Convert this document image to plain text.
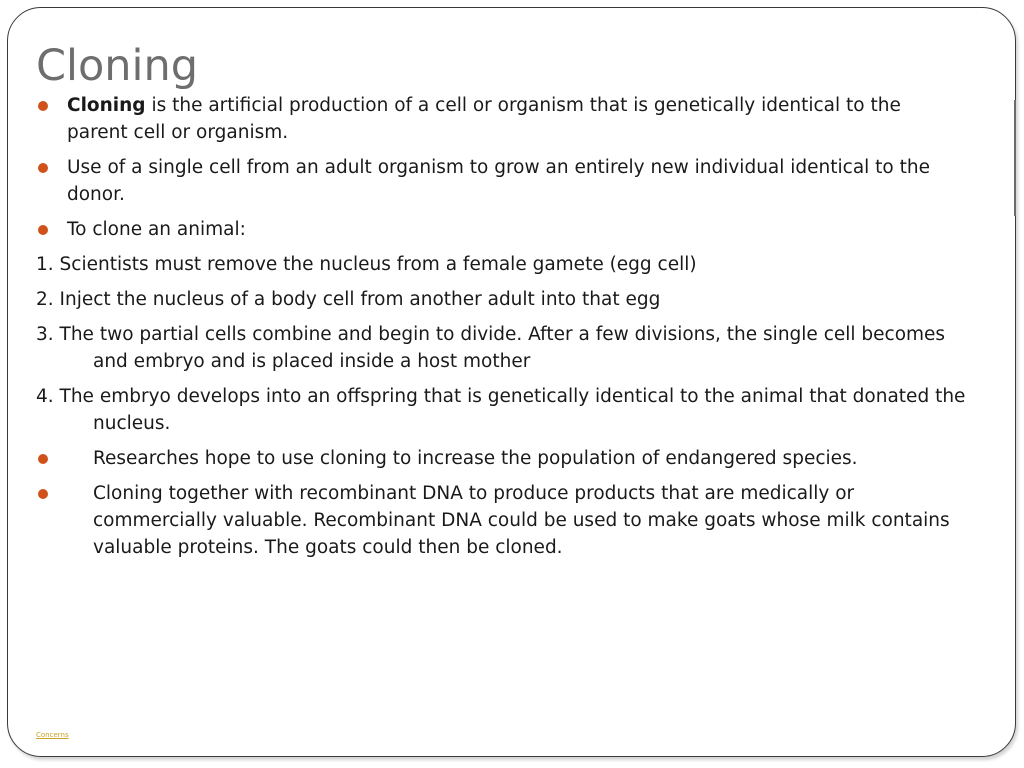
Cloning
Cloning is the artificial production of a cell or organism that is genetically identical to the parent cell or organism.
Use of a single cell from an adult organism to grow an entirely new individual identical to the donor.
To clone an animal:
1. Scientists must remove the nucleus from a female gamete (egg cell)
2. Inject the nucleus of a body cell from another adult into that egg
3. The two partial cells combine and begin to divide. After a few divisions, the single cell becomes and embryo and is placed inside a host mother
4. The embryo develops into an offspring that is genetically identical to the animal that donated the nucleus.
Researches hope to use cloning to increase the population of endangered species.
Cloning together with recombinant DNA to produce products that are medically or commercially valuable. Recombinant DNA could be used to make goats whose milk contains valuable proteins. The goats could then be cloned.
Concerns
